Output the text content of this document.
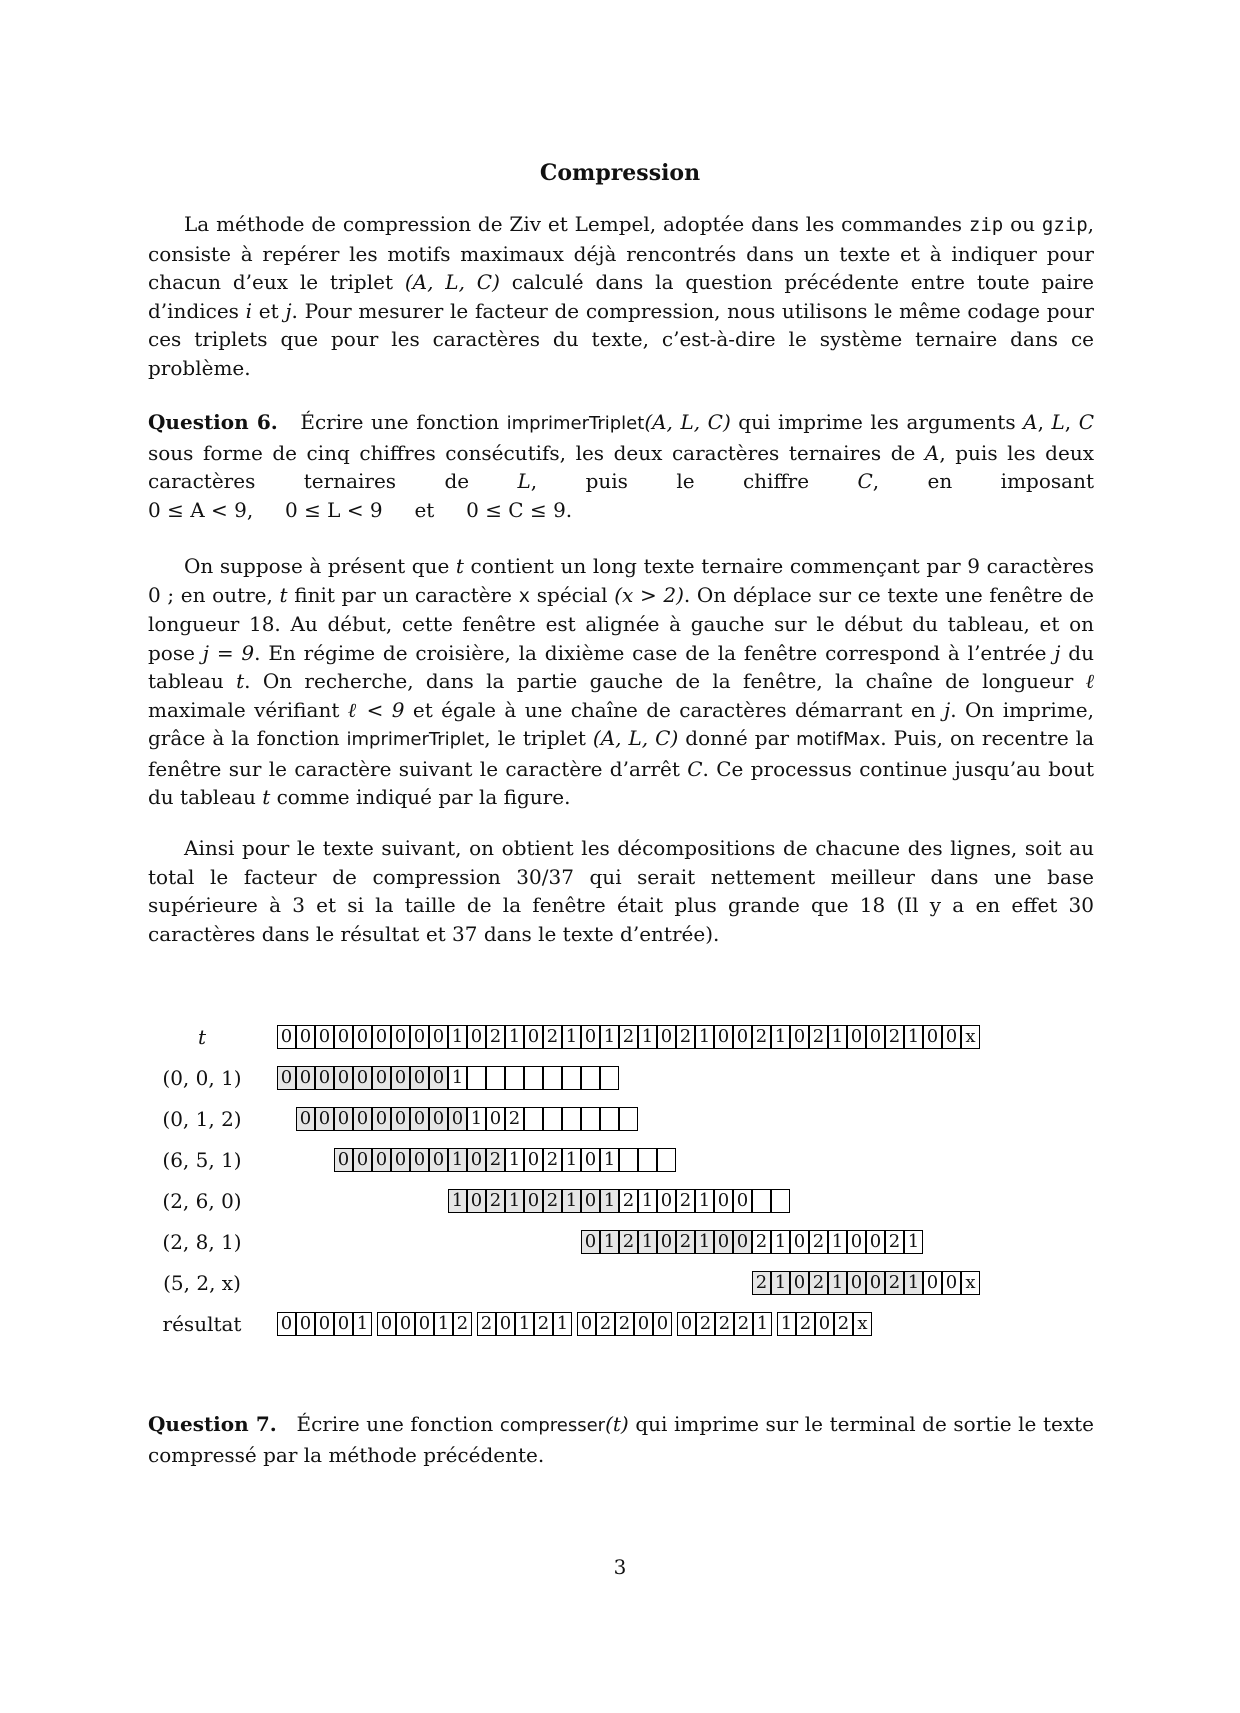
Compression

La méthode de compression de Ziv et Lempel, adoptée dans les commandes zip ou gzip, consiste à repérer les motifs maximaux déjà rencontrés dans un texte et à indiquer pour chacun d’eux le triplet (A, L, C) calculé dans la question précédente entre toute paire d’indices i et j. Pour mesurer le facteur de compression, nous utilisons le même codage pour ces triplets que pour les caractères du texte, c’est-à-dire le système ternaire dans ce problème.

Question 6. Écrire une fonction imprimerTriplet(A, L, C) qui imprime les arguments A, L, C sous forme de cinq chiffres consécutifs, les deux caractères ternaires de A, puis les deux caractères ternaires de L, puis le chiffre C, en imposant 0 ≤ A < 9,     0 ≤ L < 9     et     0 ≤ C ≤ 9.

On suppose à présent que t contient un long texte ternaire commençant par 9 caractères 0 ; en outre, t finit par un caractère x spécial (x > 2). On déplace sur ce texte une fenêtre de longueur 18. Au début, cette fenêtre est alignée à gauche sur le début du tableau, et on pose j = 9. En régime de croisière, la dixième case de la fenêtre correspond à l’entrée j du tableau t. On recherche, dans la partie gauche de la fenêtre, la chaîne de longueur ℓ maximale vérifiant ℓ < 9 et égale à une chaîne de caractères démarrant en j. On imprime, grâce à la fonction imprimerTriplet, le triplet (A, L, C) donné par motifMax. Puis, on recentre la fenêtre sur le caractère suivant le caractère d’arrêt C. Ce processus continue jusqu’au bout du tableau t comme indiqué par la figure.

Ainsi pour le texte suivant, on obtient les décompositions de chacune des lignes, soit au total le facteur de compression 30/37 qui serait nettement meilleur dans une base supérieure à 3 et si la taille de la fenêtre était plus grande que 18 (Il y a en effet 30 caractères dans le résultat et 37 dans le texte d’entrée).

t	0 0 0 0 0 0 0 0 0 1 0 2 1 0 2 1 0 1 2 1 0 2 1 0 0 2 1 0 2 1 0 0 2 1 0 0 x
(0, 0, 1)	0 0 0 0 0 0 0 0 0 1
(0, 1, 2)	0 0 0 0 0 0 0 0 0 1 0 2
(6, 5, 1)	0 0 0 0 0 0 1 0 2 1 0 2 1 0 1
(2, 6, 0)	1 0 2 1 0 2 1 0 1 2 1 0 2 1 0 0
(2, 8, 1)	0 1 2 1 0 2 1 0 0 2 1 0 2 1 0 0 2 1
(5, 2, x)	2 1 0 2 1 0 0 2 1 0 0 x
résultat	0 0 0 0 1 0 0 0 1 2 2 0 1 2 1 0 2 2 0 0 0 2 2 2 1 1 2 0 2 x

Question 7. Écrire une fonction compresser(t) qui imprime sur le terminal de sortie le texte compressé par la méthode précédente.

3
